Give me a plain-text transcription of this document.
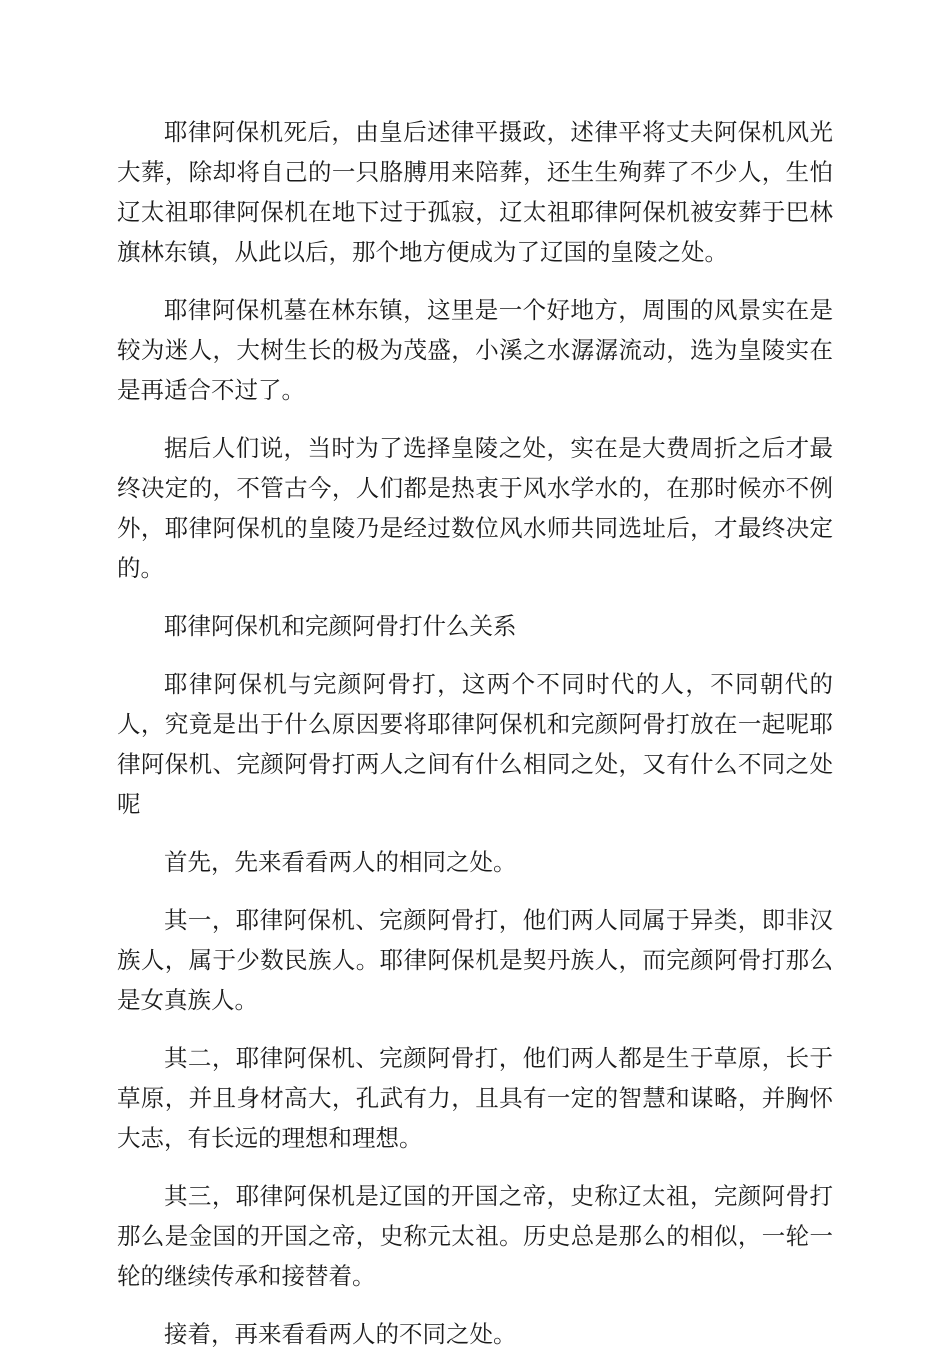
耶律阿保机死后，由皇后述律平摄政，述律平将丈夫阿保机风光大葬，除却将自己的一只胳膊用来陪葬，还生生殉葬了不少人，生怕辽太祖耶律阿保机在地下过于孤寂，辽太祖耶律阿保机被安葬于巴林旗林东镇，从此以后，那个地方便成为了辽国的皇陵之处。

耶律阿保机墓在林东镇，这里是一个好地方，周围的风景实在是较为迷人，大树生长的极为茂盛，小溪之水潺潺流动，选为皇陵实在是再适合不过了。

据后人们说，当时为了选择皇陵之处，实在是大费周折之后才最终决定的，不管古今，人们都是热衷于风水学水的，在那时候亦不例外，耶律阿保机的皇陵乃是经过数位风水师共同选址后，才最终决定的。

耶律阿保机和完颜阿骨打什么关系

耶律阿保机与完颜阿骨打，这两个不同时代的人，不同朝代的人，究竟是出于什么原因要将耶律阿保机和完颜阿骨打放在一起呢耶律阿保机、完颜阿骨打两人之间有什么相同之处，又有什么不同之处呢

首先，先来看看两人的相同之处。

其一，耶律阿保机、完颜阿骨打，他们两人同属于异类，即非汉族人，属于少数民族人。耶律阿保机是契丹族人，而完颜阿骨打那么是女真族人。

其二，耶律阿保机、完颜阿骨打，他们两人都是生于草原，长于草原，并且身材高大，孔武有力，且具有一定的智慧和谋略，并胸怀大志，有长远的理想和理想。

其三，耶律阿保机是辽国的开国之帝，史称辽太祖，完颜阿骨打那么是金国的开国之帝，史称元太祖。历史总是那么的相似，一轮一轮的继续传承和接替着。

接着，再来看看两人的不同之处。
